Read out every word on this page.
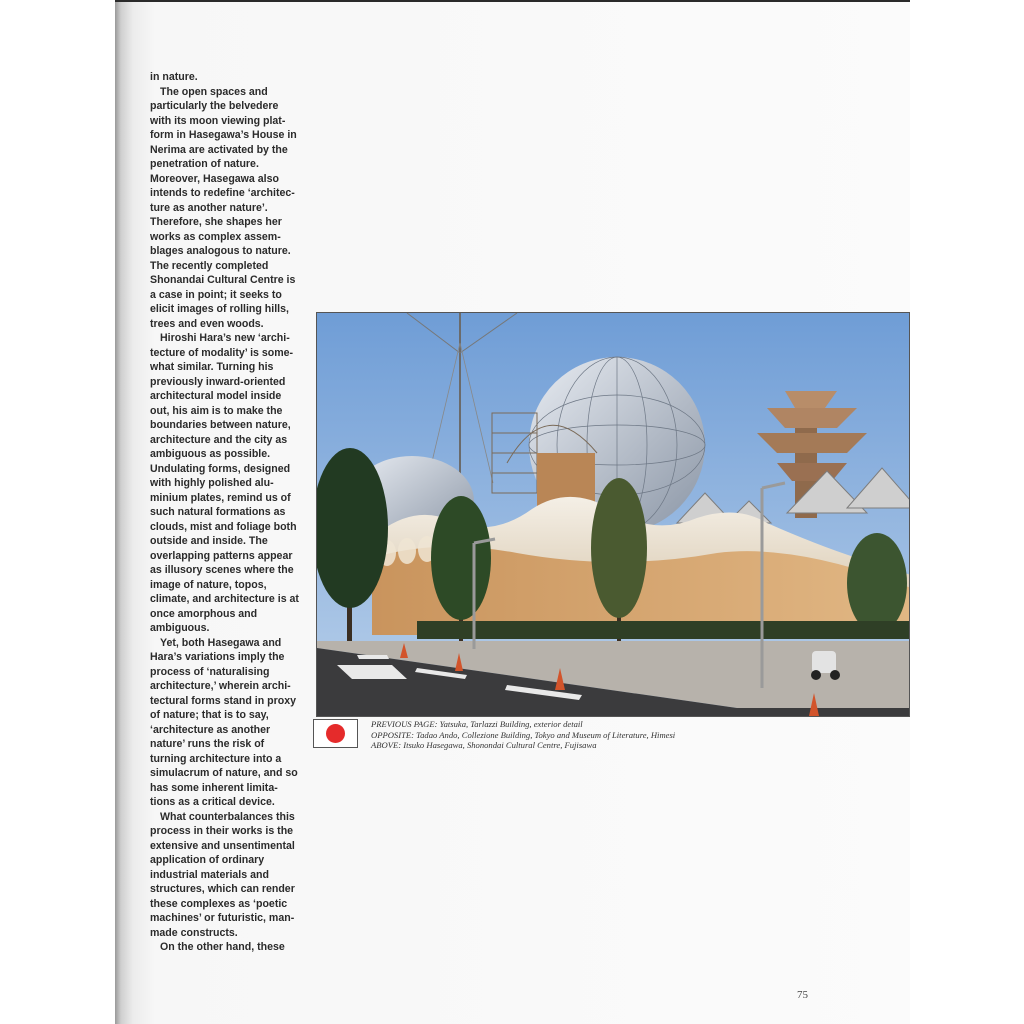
in nature.
The open spaces and particularly the belvedere with its moon viewing plat- form in Hasegawa’s House in Nerima are activated by the penetration of nature. Moreover, Hasegawa also intends to redefine ‘architec- ture as another nature’. Therefore, she shapes her works as complex assem- blages analogous to nature. The recently completed Shonandai Cultural Centre is a case in point; it seeks to elicit images of rolling hills, trees and even woods.
Hiroshi Hara’s new ‘archi- tecture of modality’ is some- what similar. Turning his previously inward-oriented architectural model inside out, his aim is to make the boundaries between nature, architecture and the city as ambiguous as possible. Undulating forms, designed with highly polished alu- minium plates, remind us of such natural formations as clouds, mist and foliage both outside and inside. The overlapping patterns appear as illusory scenes where the image of nature, topos, climate, and architecture is at once amorphous and ambiguous.
Yet, both Hasegawa and Hara’s variations imply the process of ‘naturalising architecture,’ wherein archi- tectural forms stand in proxy of nature; that is to say, ‘architecture as another nature’ runs the risk of turning architecture into a simulacrum of nature, and so has some inherent limita- tions as a critical device.
What counterbalances this process in their works is the extensive and unsentimental application of ordinary industrial materials and structures, which can render these complexes as ‘poetic machines’ or futuristic, man- made constructs.
On the other hand, these
PREVIOUS PAGE: Yatsuka, Tarlazzi Building, exterior detail
OPPOSITE: Tadao Ando, Collezione Building, Tokyo and Museum of Literature, Himesi
ABOVE: Itsuko Hasegawa, Shonondai Cultural Centre, Fujisawa
75
